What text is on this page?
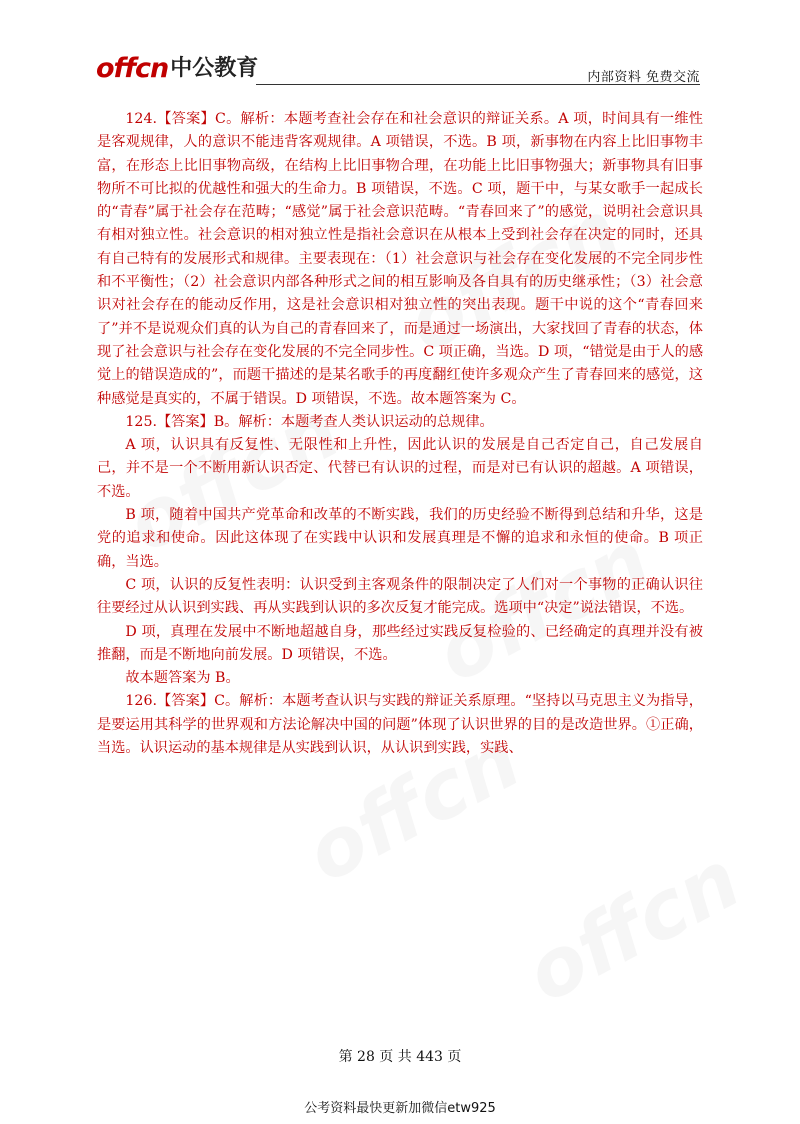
offcn 中公教育	内部资料 免费交流

124.【答案】C。解析：本题考查社会存在和社会意识的辩证关系。A 项，时间具有一维性是客观规律，人的意识不能违背客观规律。A 项错误，不选。B 项，新事物在内容上比旧事物丰富，在形态上比旧事物高级，在结构上比旧事物合理，在功能上比旧事物强大；新事物具有旧事物所不可比拟的优越性和强大的生命力。B 项错误，不选。C 项，题干中，与某女歌手一起成长的“青春”属于社会存在范畴；“感觉”属于社会意识范畴。“青春回来了”的感觉，说明社会意识具有相对独立性。社会意识的相对独立性是指社会意识在从根本上受到社会存在决定的同时，还具有自己特有的发展形式和规律。主要表现在：（1）社会意识与社会存在变化发展的不完全同步性和不平衡性；（2）社会意识内部各种形式之间的相互影响及各自具有的历史继承性；（3）社会意识对社会存在的能动反作用，这是社会意识相对独立性的突出表现。题干中说的这个“青春回来了”并不是说观众们真的认为自己的青春回来了，而是通过一场演出，大家找回了青春的状态，体现了社会意识与社会存在变化发展的不完全同步性。C 项正确，当选。D 项，“错觉是由于人的感觉上的错误造成的”，而题干描述的是某名歌手的再度翻红使许多观众产生了青春回来的感觉，这种感觉是真实的，不属于错误。D 项错误，不选。故本题答案为 C。

125.【答案】B。解析：本题考查人类认识运动的总规律。

A 项，认识具有反复性、无限性和上升性，因此认识的发展是自己否定自己，自己发展自己，并不是一个不断用新认识否定、代替已有认识的过程，而是对已有认识的超越。A 项错误，不选。

B 项，随着中国共产党革命和改革的不断实践，我们的历史经验不断得到总结和升华，这是党的追求和使命。因此这体现了在实践中认识和发展真理是不懈的追求和永恒的使命。B 项正确，当选。

C 项，认识的反复性表明：认识受到主客观条件的限制决定了人们对一个事物的正确认识往往要经过从认识到实践、再从实践到认识的多次反复才能完成。选项中“决定”说法错误，不选。

D 项，真理在发展中不断地超越自身，那些经过实践反复检验的、已经确定的真理并没有被推翻，而是不断地向前发展。D 项错误，不选。

故本题答案为 B。

126.【答案】C。解析：本题考查认识与实践的辩证关系原理。“坚持以马克思主义为指导，是要运用其科学的世界观和方法论解决中国的问题”体现了认识世界的目的是改造世界。①正确，当选。认识运动的基本规律是从实践到认识，从认识到实践，实践、

第 28 页 共 443 页
公考资料最快更新加微信etw925
